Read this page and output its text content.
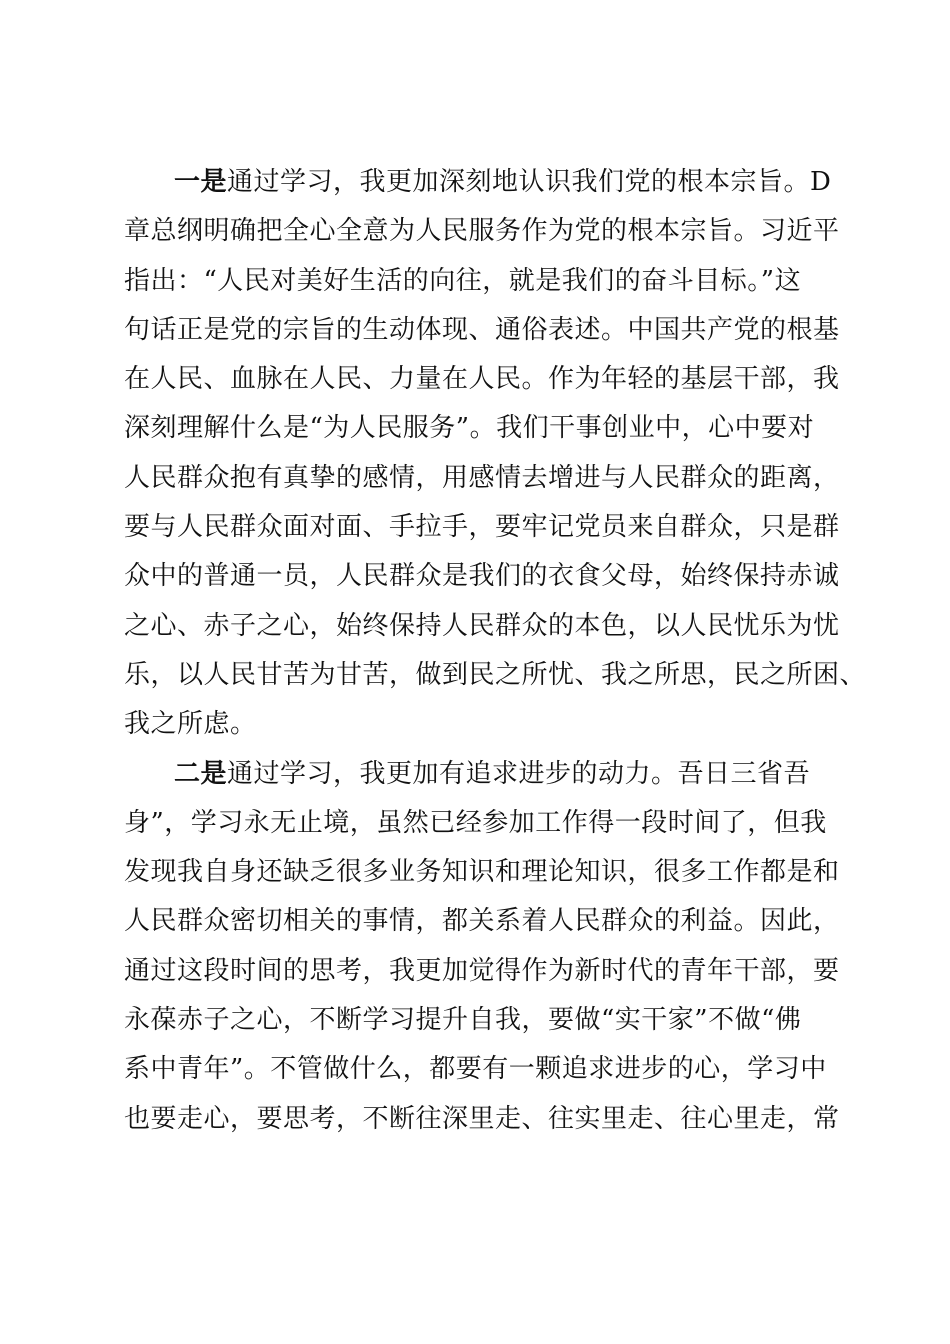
一是通过学习，我更加深刻地认识我们党的根本宗旨。D
章总纲明确把全心全意为人民服务作为党的根本宗旨。习近平
指出：“人民对美好生活的向往，就是我们的奋斗目标。”这
句话正是党的宗旨的生动体现、通俗表述。中国共产党的根基
在人民、血脉在人民、力量在人民。作为年轻的基层干部，我
深刻理解什么是“为人民服务”。我们干事创业中，心中要对
人民群众抱有真挚的感情，用感情去增进与人民群众的距离，
要与人民群众面对面、手拉手，要牢记党员来自群众，只是群
众中的普通一员，人民群众是我们的衣食父母，始终保持赤诚
之心、赤子之心，始终保持人民群众的本色，以人民忧乐为忧
乐，以人民甘苦为甘苦，做到民之所忧、我之所思，民之所困、
我之所虑。
二是通过学习，我更加有追求进步的动力。吾日三省吾
身”，学习永无止境，虽然已经参加工作得一段时间了，但我
发现我自身还缺乏很多业务知识和理论知识，很多工作都是和
人民群众密切相关的事情，都关系着人民群众的利益。因此，
通过这段时间的思考，我更加觉得作为新时代的青年干部，要
永葆赤子之心，不断学习提升自我，要做“实干家”不做“佛
系中青年”。不管做什么，都要有一颗追求进步的心，学习中
也要走心，要思考，不断往深里走、往实里走、往心里走，常
